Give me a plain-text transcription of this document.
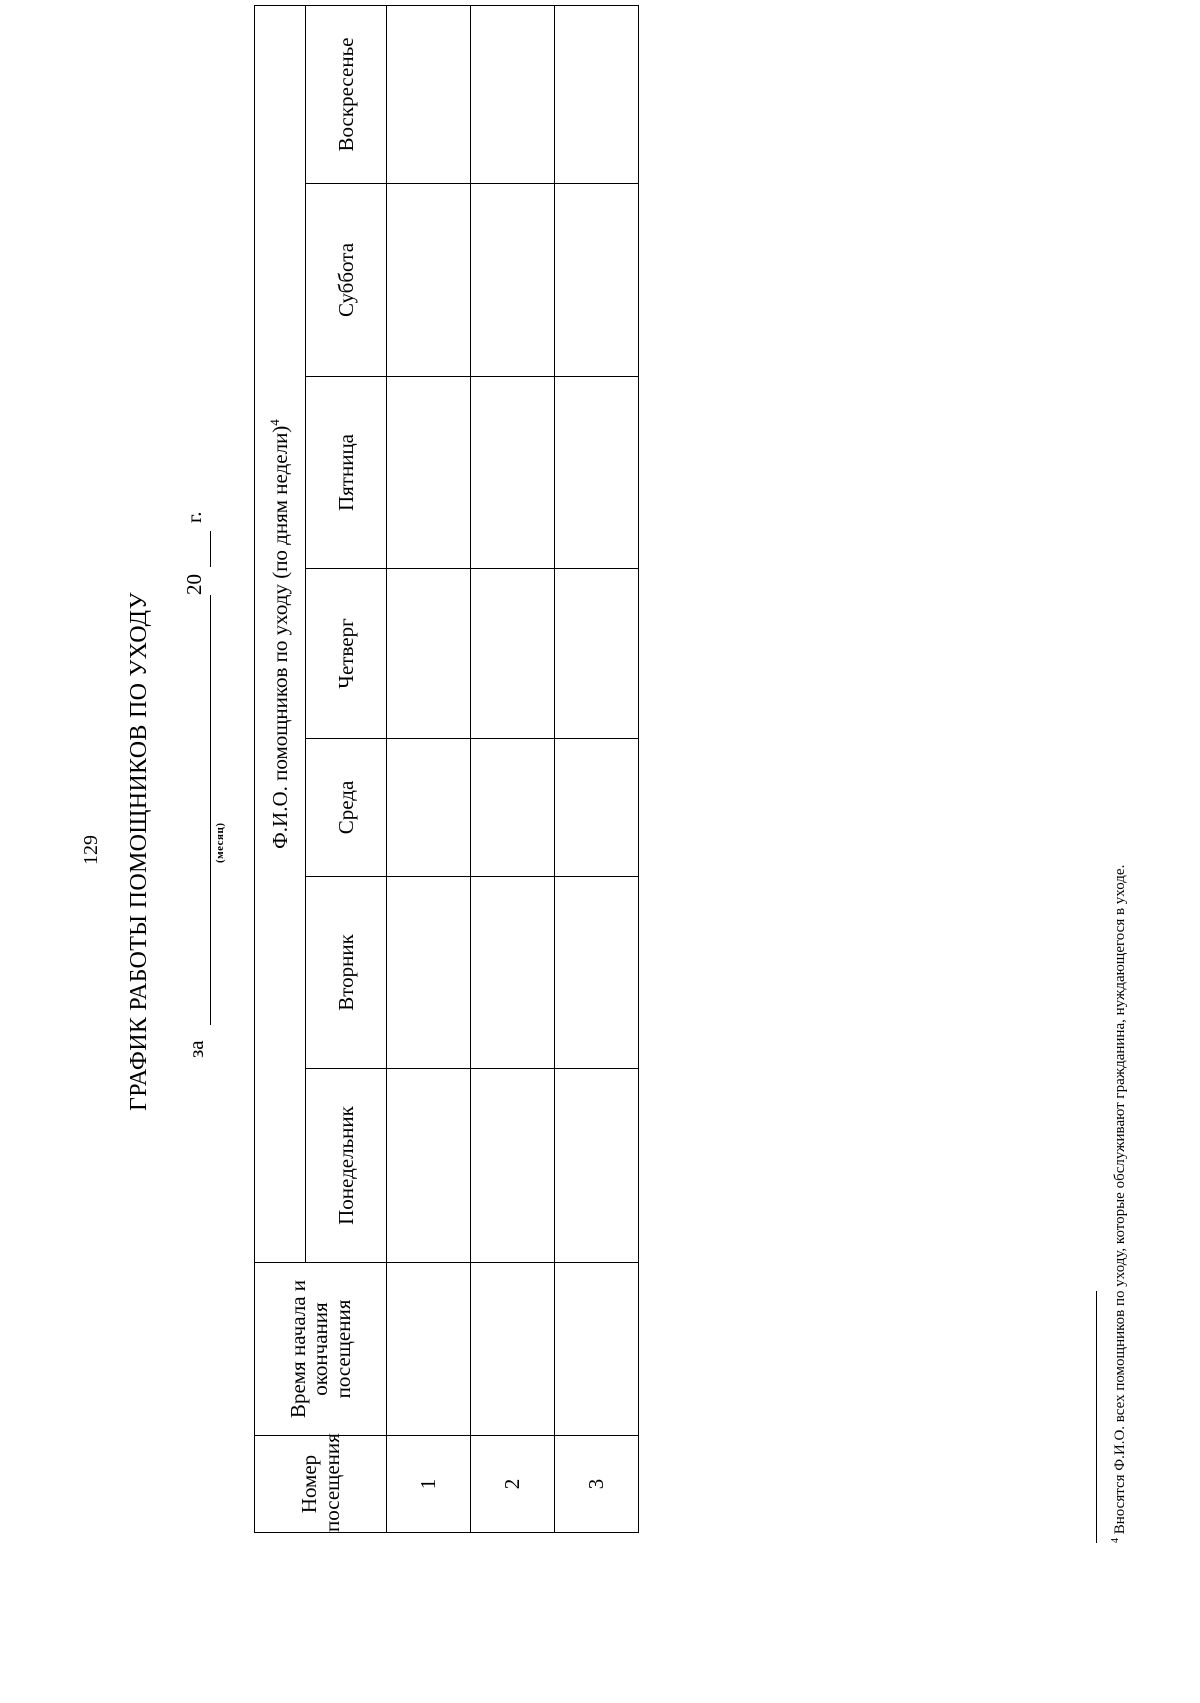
129 ГРАФИК РАБОТЫ ПОМОЩНИКОВ ПО УХОДУ за
(месяц)
20
г.
Номер посещения	Время начала и окончания посещения	Ф.И.О. помощников по уходу (по дням недели)$^4$
		Понедельник	Вторник	Среда	Четверг	Пятница	Суббота	Воскресенье
1								
2								
3								
$^4$ Вносятся Ф.И.О. всех помощников по уходу, которые обслуживают гражданина, нуждающегося в уходе.
